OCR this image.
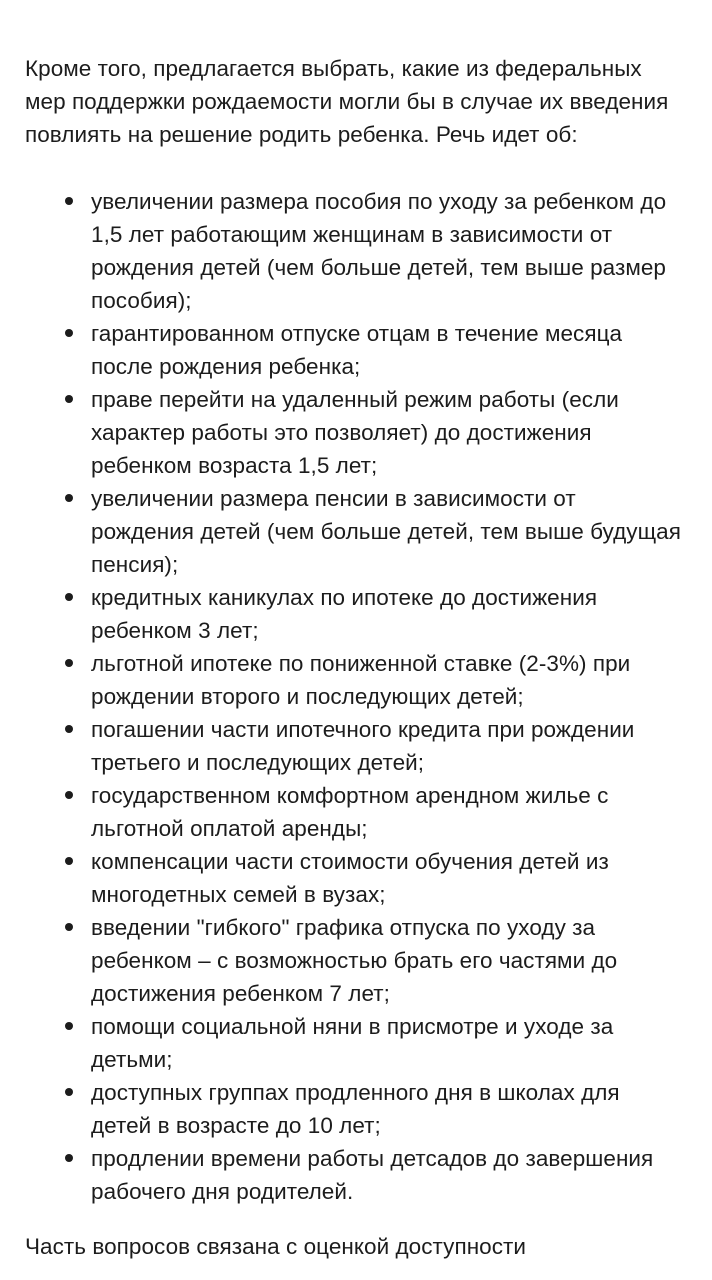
Кроме того, предлагается выбрать, какие из федеральных мер поддержки рождаемости могли бы в случае их введения повлиять на решение родить ребенка. Речь идет об:

увеличении размера пособия по уходу за ребенком до 1,5 лет работающим женщинам в зависимости от рождения детей (чем больше детей, тем выше размер пособия);
гарантированном отпуске отцам в течение месяца после рождения ребенка;
праве перейти на удаленный режим работы (если характер работы это позволяет) до достижения ребенком возраста 1,5 лет;
увеличении размера пенсии в зависимости от рождения детей (чем больше детей, тем выше будущая пенсия);
кредитных каникулах по ипотеке до достижения ребенком 3 лет;
льготной ипотеке по пониженной ставке (2-3%) при рождении второго и последующих детей;
погашении части ипотечного кредита при рождении третьего и последующих детей;
государственном комфортном арендном жилье с льготной оплатой аренды;
компенсации части стоимости обучения детей из многодетных семей в вузах;
введении "гибкого" графика отпуска по уходу за ребенком – с возможностью брать его частями до достижения ребенком 7 лет;
помощи социальной няни в присмотре и уходе за детьми;
доступных группах продленного дня в школах для детей в возрасте до 10 лет;
продлении времени работы детсадов до завершения рабочего дня родителей.

Часть вопросов связана с оценкой доступности
